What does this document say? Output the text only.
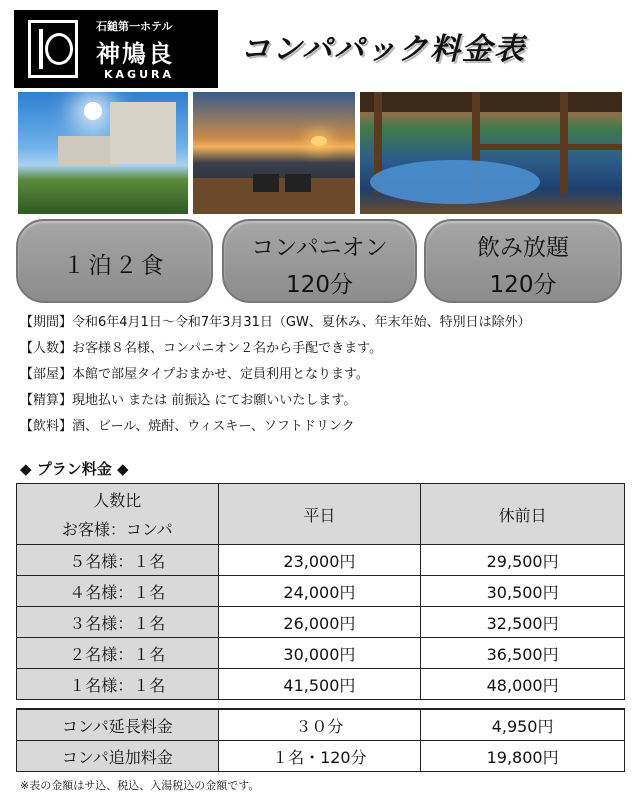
石鎚第一ホテル
神鳩良
KAGURA
コンパパック料金表
１泊２食
コンパニオン
120分
飲み放題
120分
【期間】令和6年4月1日～令和7年3月31日（GW、夏休み、年末年始、特別日は除外）
【人数】お客様８名様、コンパニオン２名から手配できます。
【部屋】本館で部屋タイプおまかせ、定員利用となります。
【精算】現地払い または 前振込 にてお願いいたします。
【飲料】酒、ビール、焼酎、ウィスキー、ソフトドリンク
◆ プラン料金 ◆
人数比
お客様：コンパ	平日	休前日
５名様：１名	23,000円	29,500円
４名様：１名	24,000円	30,500円
３名様：１名	26,000円	32,500円
２名様：１名	30,000円	36,500円
１名様：１名	41,500円	48,000円
コンパ延長料金	３０分	4,950円
コンパ追加料金	１名・120分	19,800円
※表の金額はサ込、税込、入湯税込の金額です。
